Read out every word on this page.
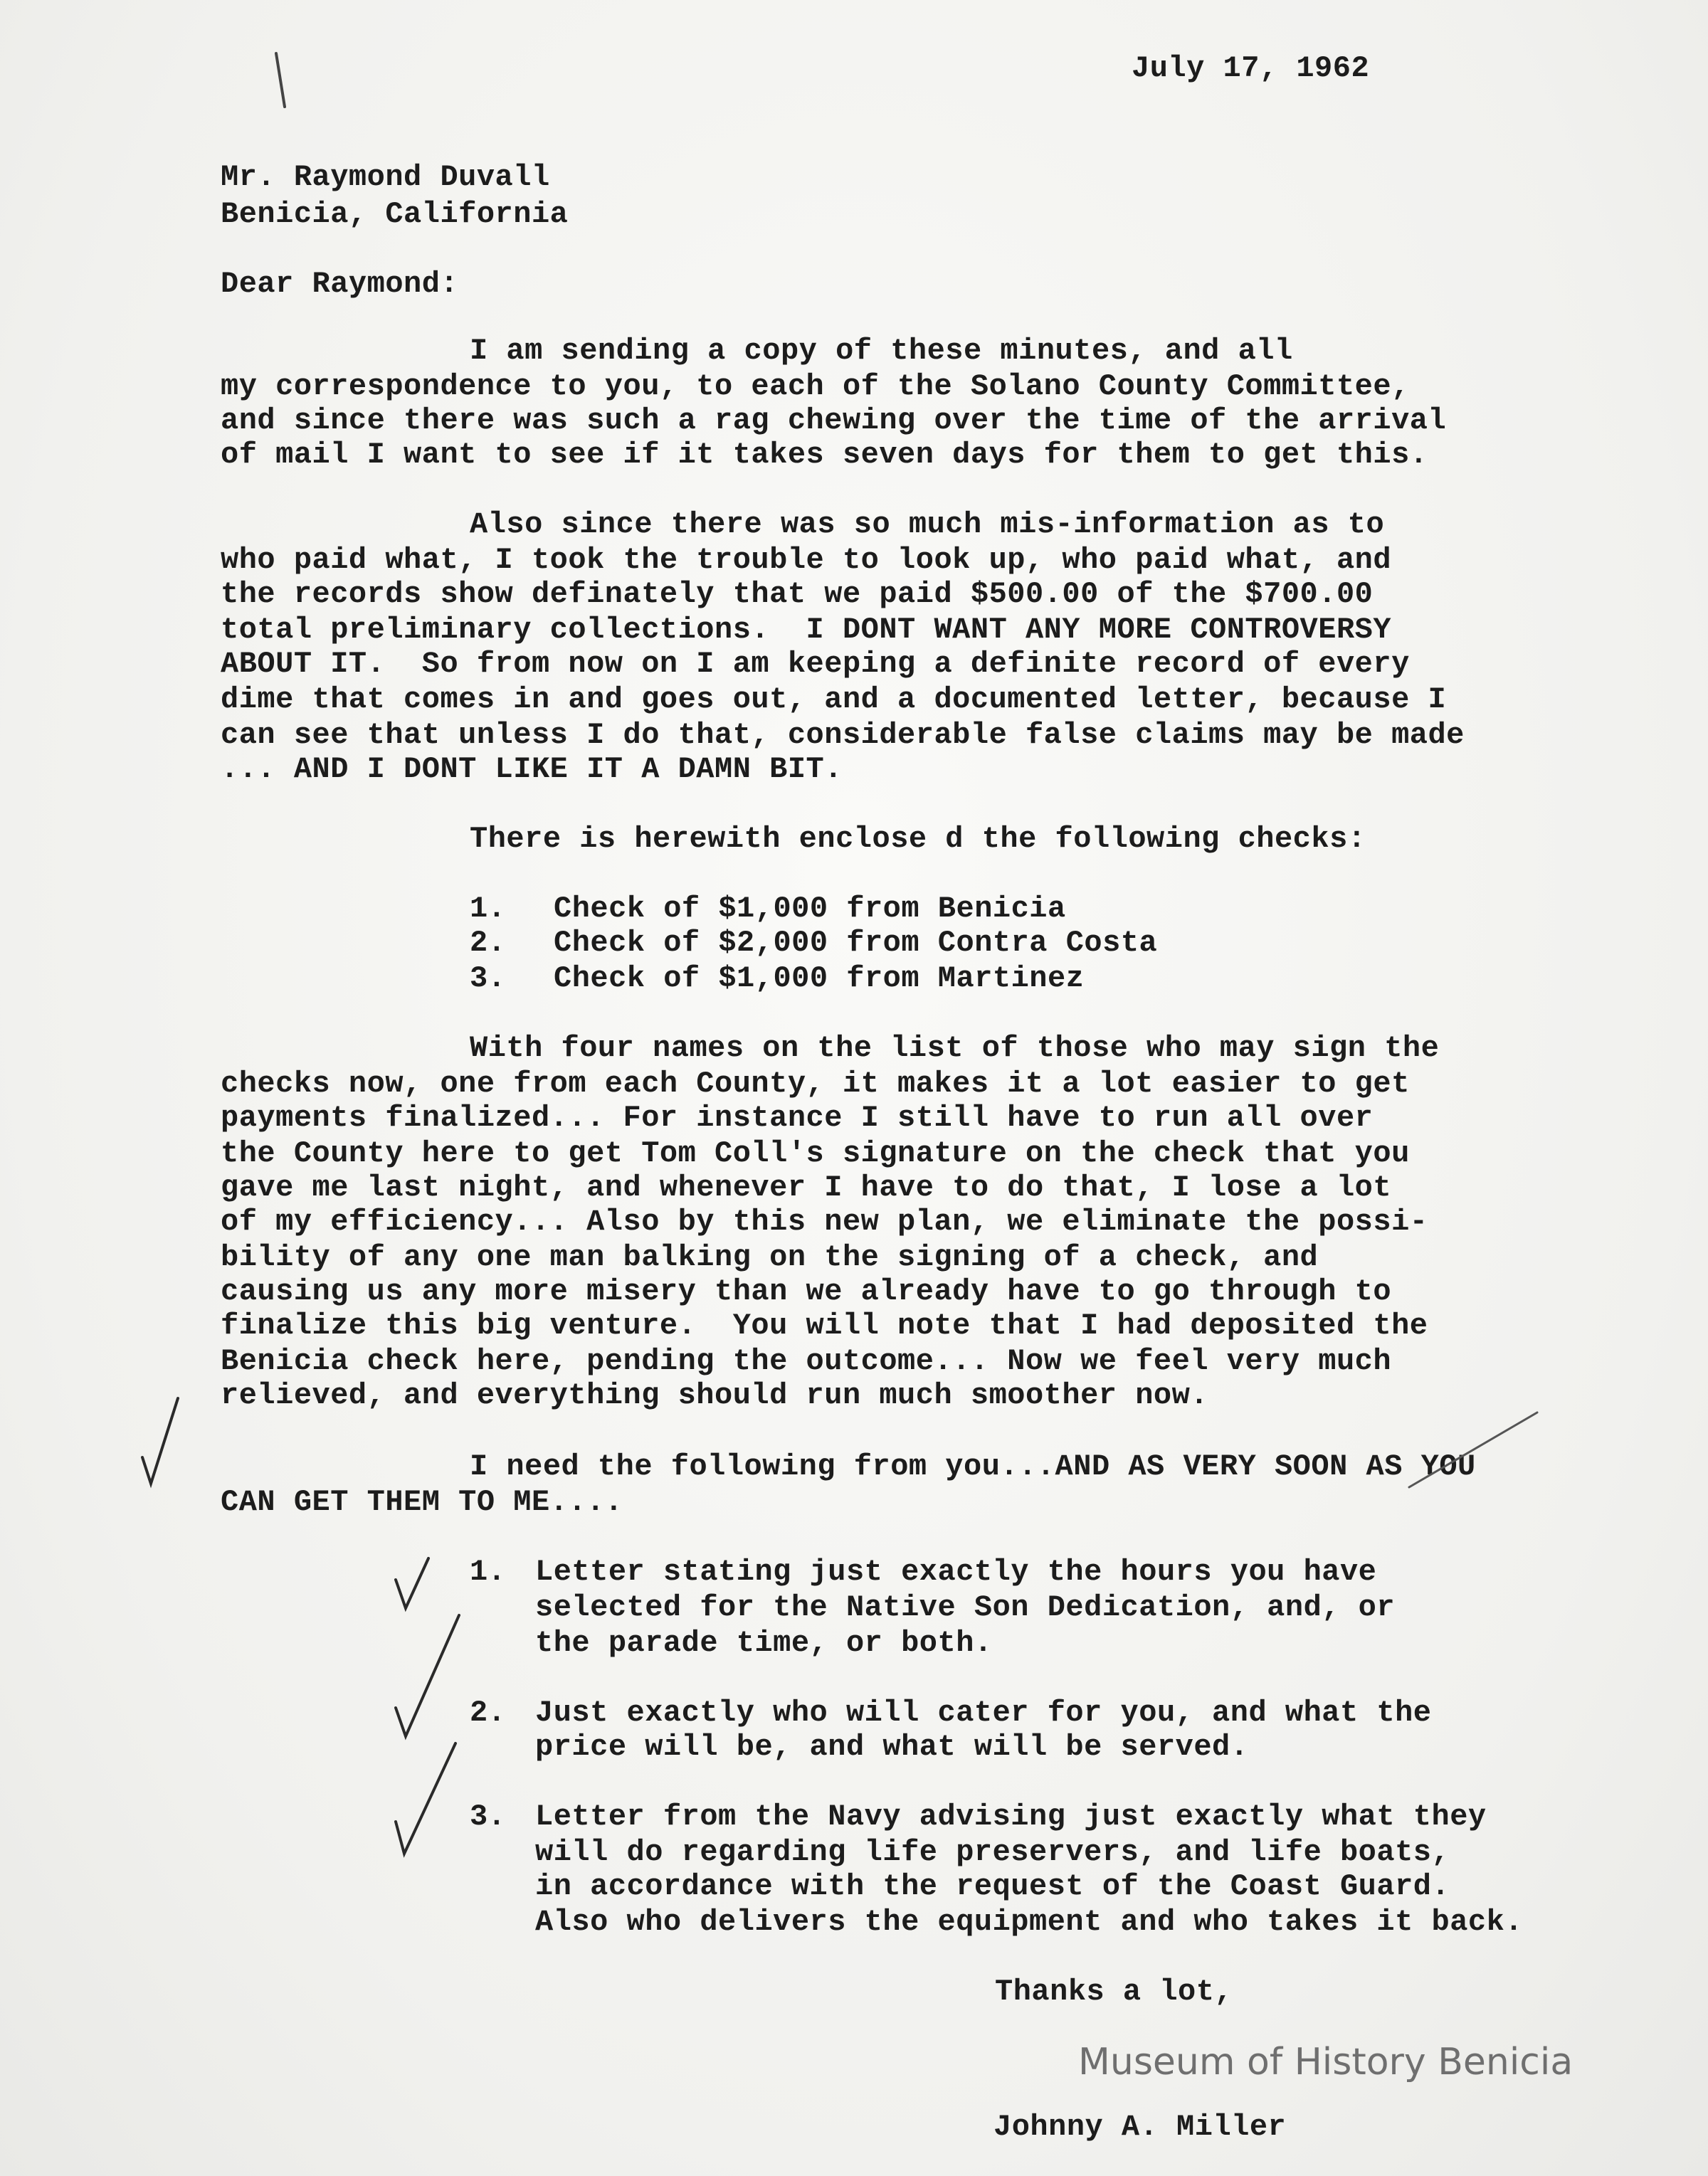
July 17, 1962
Mr. Raymond Duvall
Benicia, California
Dear Raymond:
I am sending a copy of these minutes, and all
my correspondence to you, to each of the Solano County Committee,
and since there was such a rag chewing over the time of the arrival
of mail I want to see if it takes seven days for them to get this.
Also since there was so much mis-information as to
who paid what, I took the trouble to look up, who paid what, and
the records show definately that we paid $500.00 of the $700.00
total preliminary collections.  I DONT WANT ANY MORE CONTROVERSY
ABOUT IT.  So from now on I am keeping a definite record of every
dime that comes in and goes out, and a documented letter, because I
can see that unless I do that, considerable false claims may be made
... AND I DONT LIKE IT A DAMN BIT.
There is herewith enclose d the following checks:
1. Check of $1,000 from Benicia
2. Check of $2,000 from Contra Costa
3. Check of $1,000 from Martinez
With four names on the list of those who may sign the
checks now, one from each County, it makes it a lot easier to get
payments finalized... For instance I still have to run all over
the County here to get Tom Coll's signature on the check that you
gave me last night, and whenever I have to do that, I lose a lot
of my efficiency... Also by this new plan, we eliminate the possi-
bility of any one man balking on the signing of a check, and
causing us any more misery than we already have to go through to
finalize this big venture.  You will note that I had deposited the
Benicia check here, pending the outcome... Now we feel very much
relieved, and everything should run much smoother now.
I need the following from you...AND AS VERY SOON AS YOU
CAN GET THEM TO ME....
1. Letter stating just exactly the hours you have
selected for the Native Son Dedication, and, or
the parade time, or both.
2. Just exactly who will cater for you, and what the
price will be, and what will be served.
3. Letter from the Navy advising just exactly what they
will do regarding life preservers, and life boats,
in accordance with the request of the Coast Guard.
Also who delivers the equipment and who takes it back.
Thanks a lot,
Johnny A. Miller
Museum of History Benicia
